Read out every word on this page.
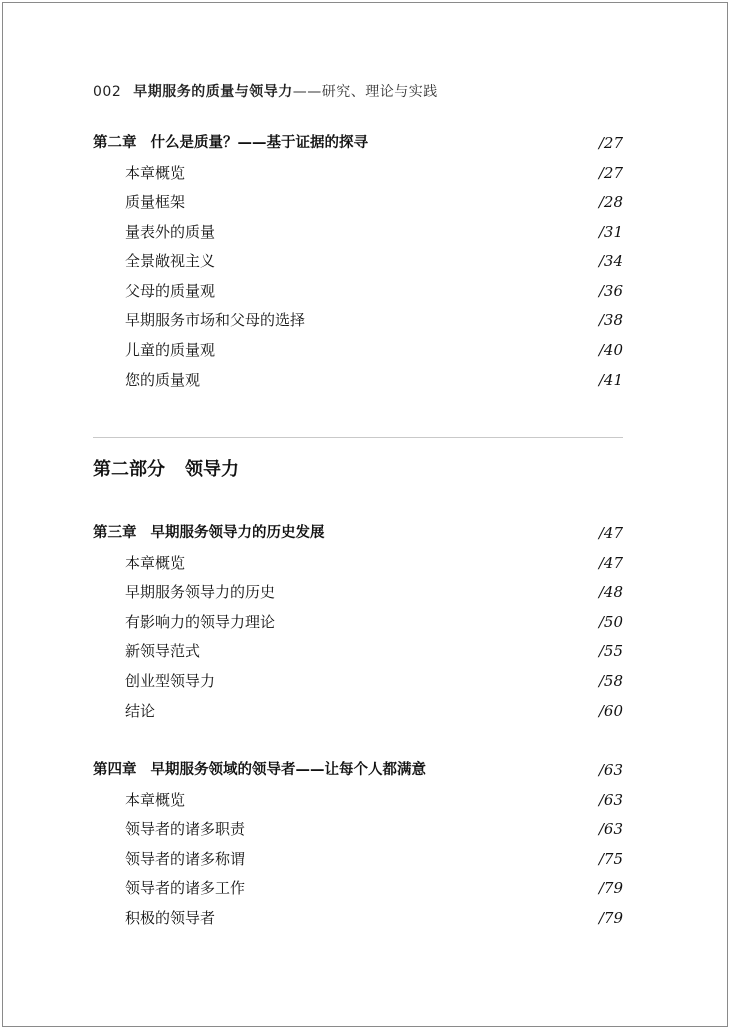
002 早期服务的质量与领导力——研究、理论与实践
第二章 什么是质量？——基于证据的探寻	/27
本章概览	/27
质量框架	/28
量表外的质量	/31
全景敞视主义	/34
父母的质量观	/36
早期服务市场和父母的选择	/38
儿童的质量观	/40
您的质量观	/41
第二部分 领导力
第三章 早期服务领导力的历史发展	/47
本章概览	/47
早期服务领导力的历史	/48
有影响力的领导力理论	/50
新领导范式	/55
创业型领导力	/58
结论	/60
第四章 早期服务领域的领导者——让每个人都满意	/63
本章概览	/63
领导者的诸多职责	/63
领导者的诸多称谓	/75
领导者的诸多工作	/79
积极的领导者	/79
